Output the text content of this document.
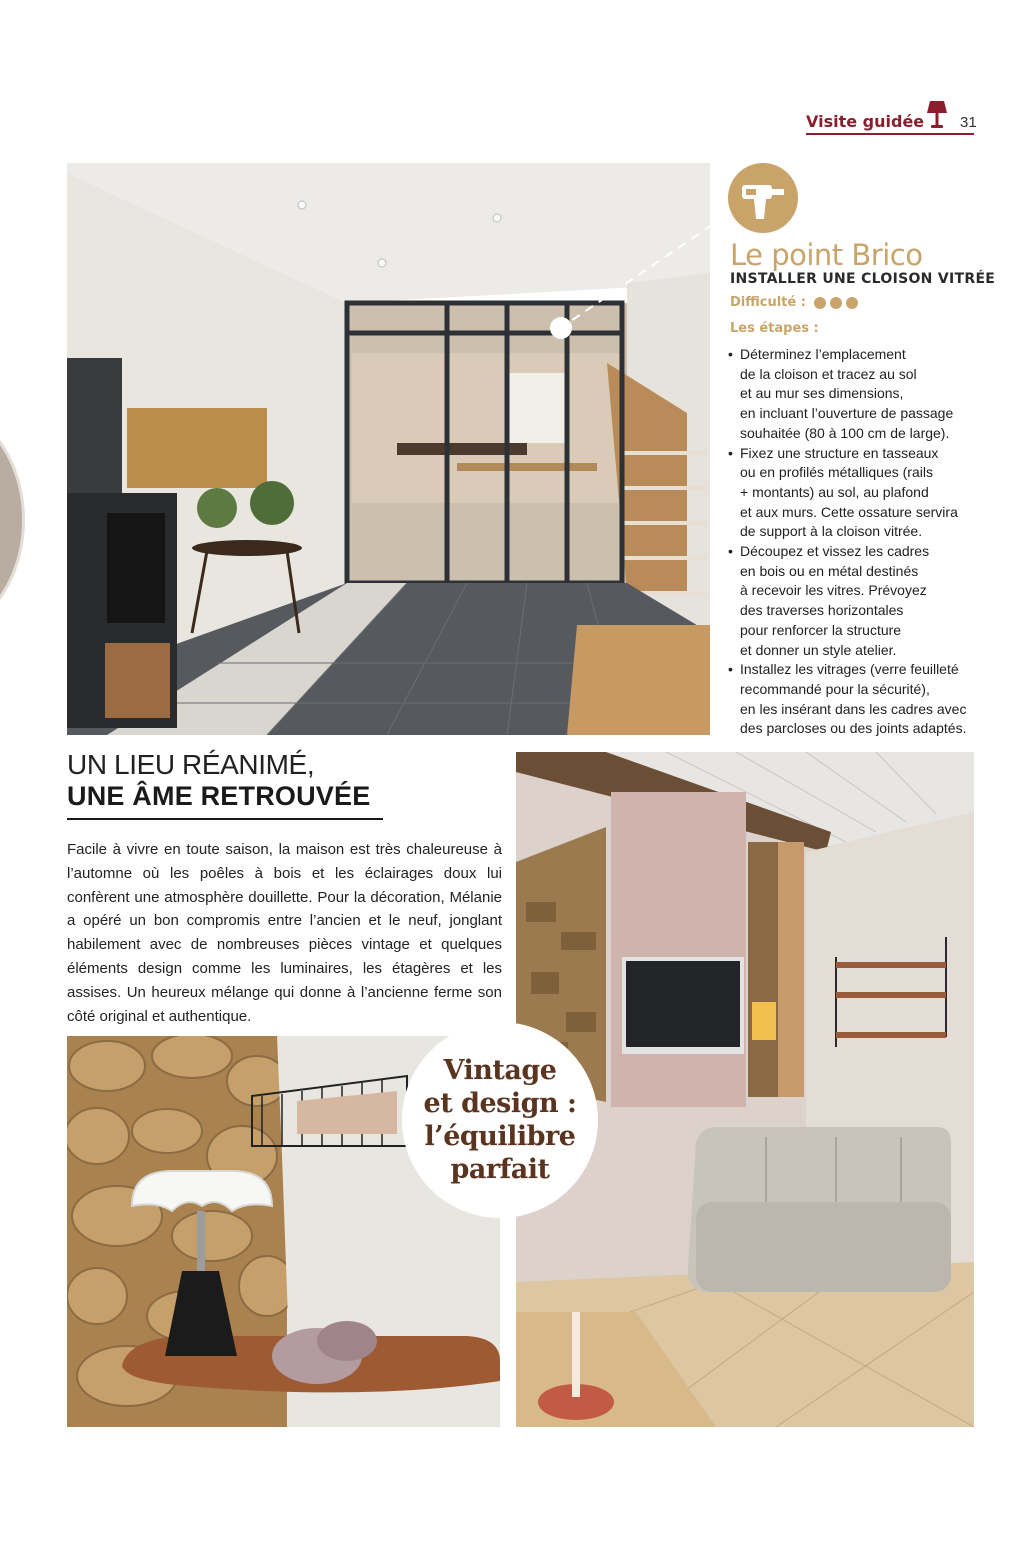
Visite guidée 31
Le point Brico
INSTALLER UNE CLOISON VITRÉE
Difficulté :
Les étapes :
• Déterminez l’emplacement
de la cloison et tracez au sol
et au mur ses dimensions,
en incluant l’ouverture de passage
souhaitée (80 à 100 cm de large).
• Fixez une structure en tasseaux
ou en profilés métalliques (rails
+ montants) au sol, au plafond
et aux murs. Cette ossature servira
de support à la cloison vitrée.
• Découpez et vissez les cadres
en bois ou en métal destinés
à recevoir les vitres. Prévoyez
des traverses horizontales
pour renforcer la structure
et donner un style atelier.
• Installez les vitrages (verre feuilleté
recommandé pour la sécurité),
en les insérant dans les cadres avec
des parcloses ou des joints adaptés.
UN LIEU RÉANIMÉ,
UNE ÂME RETROUVÉE

Facile à vivre en toute saison, la maison est très chaleureuse à l’automne où les poêles à bois et les éclairages doux lui confèrent une atmosphère douillette. Pour la décoration, Mélanie a opéré un bon compromis entre l’ancien et le neuf, jonglant habilement avec de nombreuses pièces vintage et quelques éléments design comme les luminaires, les étagères et les assises. Un heureux mélange qui donne à l’ancienne ferme son côté original et authentique.

Vintage
et design :
l’équilibre
parfait
